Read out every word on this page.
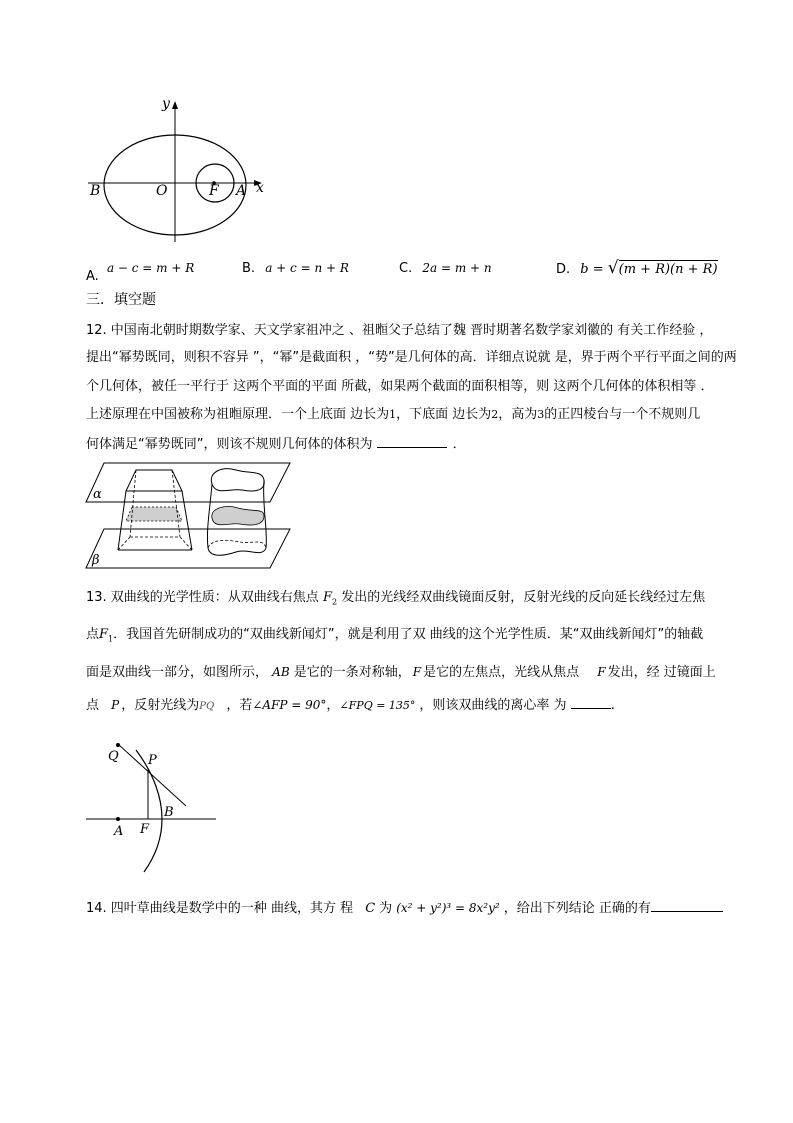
y
x
B	O	F A
A. a − c = m + R	B. a + c = n + R	C. 2a = m + n	D. b = √(m + R)(n + R)
三．填空题
12. 中国南北朝时期数学家、天文学家祖冲之 、祖暅父子总结了魏 晋时期著名数学家刘徽的 有关工作经验 ，
提出“幂势既同，则积不容异 ”，“幂”是截面积 ，“势”是几何体的高．详细点说就 是，界于两个平行平面之间的两
个几何体，被任一平行于 这两个平面的平面 所截，如果两个截面的面积相等，则 这两个几何体的体积相等 ．
上述原理在中国被称为祖暅原理．一个上底面 边长为1，下底面 边长为2，高为3的正四棱台与一个不规则几
何体满足“幂势既同”，则该不规则几何体的体积为	．
α
β
13. 双曲线的光学性质：从双曲线右焦点 $F_2$ 发出的光线经双曲线镜面反射，反射光线的反向延长线经过左焦
点$F_1$．我国首先研制成功的“双曲线新闻灯”，就是利用了双 曲线的这个光学性质．某“双曲线新闻灯”的轴截
面是双曲线一部分，如图所示， AB 是它的一条对称轴， F 是它的左焦点，光线从焦点 F 发出，经 过镜面上
点 P ，反射光线为PQ ，若∠AFP = 90°，∠FPQ = 135° ，则该双曲线的离心率 为	.
Q P
B
A F
14. 四叶草曲线是数学中的一种 曲线，其方 程 C 为 (x² + y²)³ = 8x²y² ，给出下列结论 正确的有
